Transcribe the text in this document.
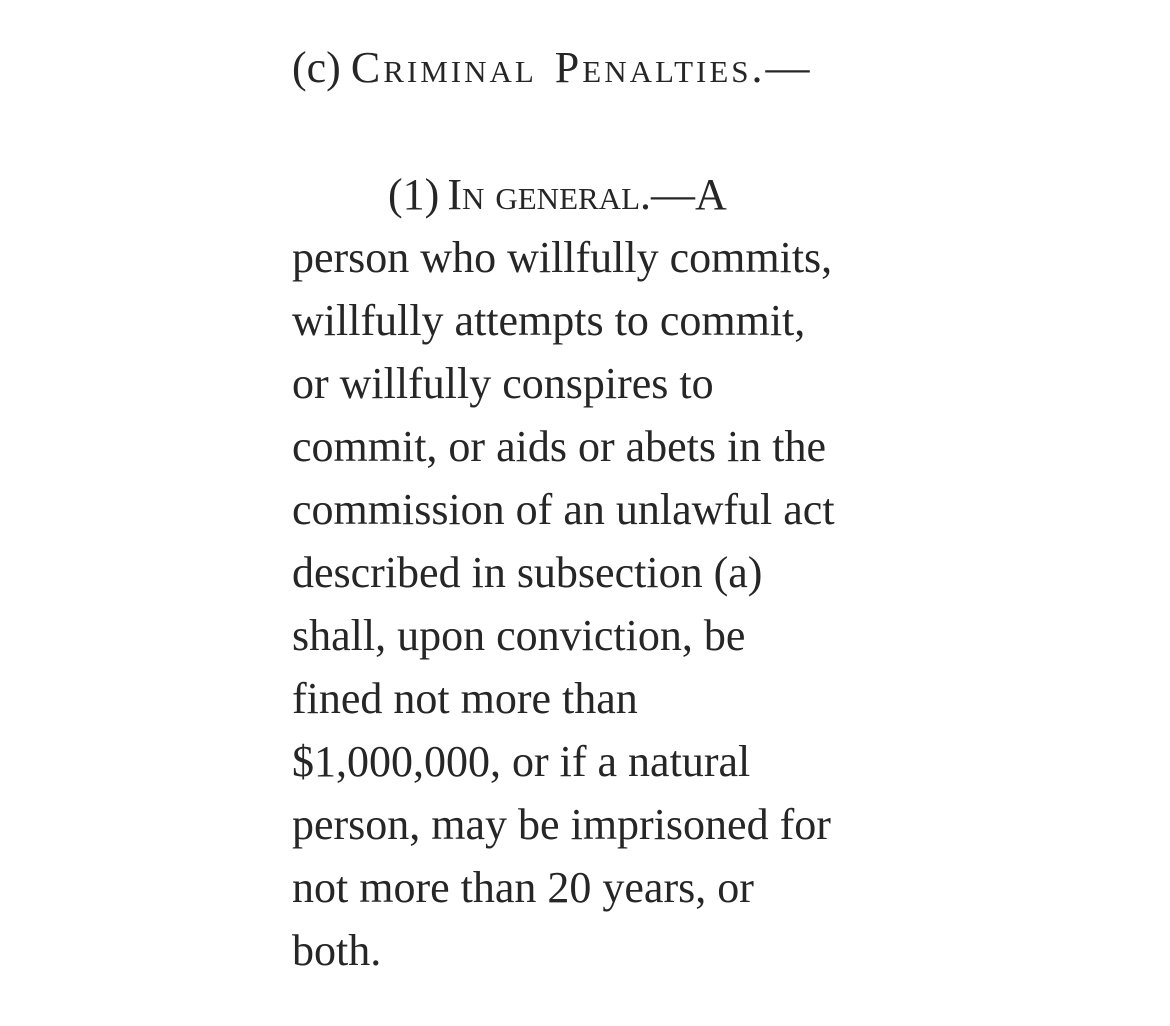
(c) Criminal Penalties.—
(1) In general.—A
person who willfully commits,
willfully attempts to commit,
or willfully conspires to
commit, or aids or abets in the
commission of an unlawful act
described in subsection (a)
shall, upon conviction, be
fined not more than
$1,000,000, or if a natural
person, may be imprisoned for
not more than 20 years, or
both.
